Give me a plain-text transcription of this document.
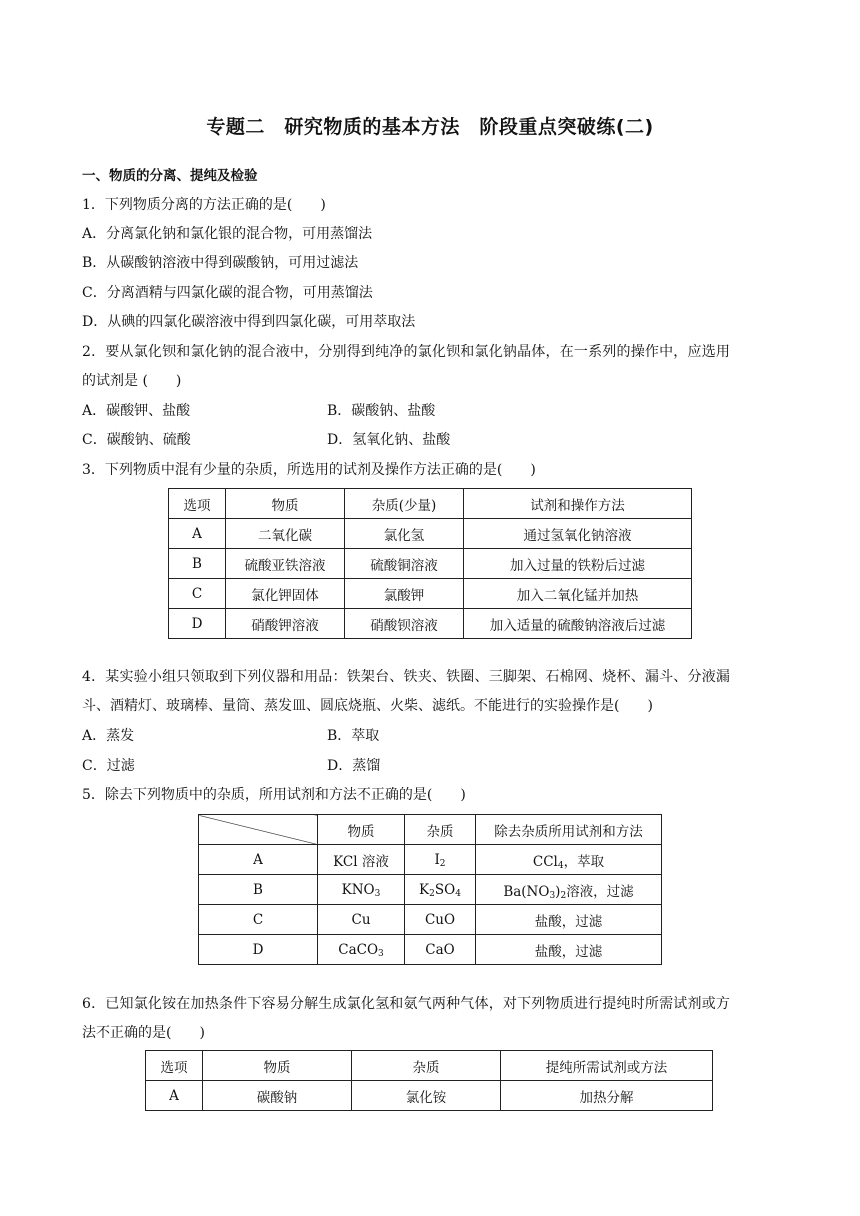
专题二　研究物质的基本方法　阶段重点突破练(二)
一、物质的分离、提纯及检验
1．下列物质分离的方法正确的是(　　)
A．分离氯化钠和氯化银的混合物，可用蒸馏法
B．从碳酸钠溶液中得到碳酸钠，可用过滤法
C．分离酒精与四氯化碳的混合物，可用蒸馏法
D．从碘的四氯化碳溶液中得到四氯化碳，可用萃取法
2．要从氯化钡和氯化钠的混合液中，分别得到纯净的氯化钡和氯化钠晶体，在一系列的操作中，应选用
的试剂是 (　　)
A．碳酸钾、盐酸	B．碳酸钠、盐酸
C．碳酸钠、硫酸	D．氢氧化钠、盐酸
3．下列物质中混有少量的杂质，所选用的试剂及操作方法正确的是(　　)
选项	物质	杂质(少量)	试剂和操作方法
A	二氧化碳	氯化氢	通过氢氧化钠溶液
B	硫酸亚铁溶液	硫酸铜溶液	加入过量的铁粉后过滤
C	氯化钾固体	氯酸钾	加入二氧化锰并加热
D	硝酸钾溶液	硝酸钡溶液	加入适量的硫酸钠溶液后过滤
4．某实验小组只领取到下列仪器和用品：铁架台、铁夹、铁圈、三脚架、石棉网、烧杯、漏斗、分液漏
斗、酒精灯、玻璃棒、量筒、蒸发皿、圆底烧瓶、火柴、滤纸。不能进行的实验操作是(　　)
A．蒸发	B．萃取
C．过滤	D．蒸馏
5．除去下列物质中的杂质，所用试剂和方法不正确的是(　　)
	物质	杂质	除去杂质所用试剂和方法
A	KCl 溶液	$I_2$	CCl$_4$，萃取
B	$KNO_3$	$K_2SO_4$	$Ba(NO_3)_2$溶液，过滤
C	Cu	CuO	盐酸，过滤
D	CaCO$_3$	CaO	盐酸，过滤
6．已知氯化铵在加热条件下容易分解生成氯化氢和氨气两种气体，对下列物质进行提纯时所需试剂或方
法不正确的是(　　)
选项	物质	杂质	提纯所需试剂或方法
A	碳酸钠	氯化铵	加热分解
